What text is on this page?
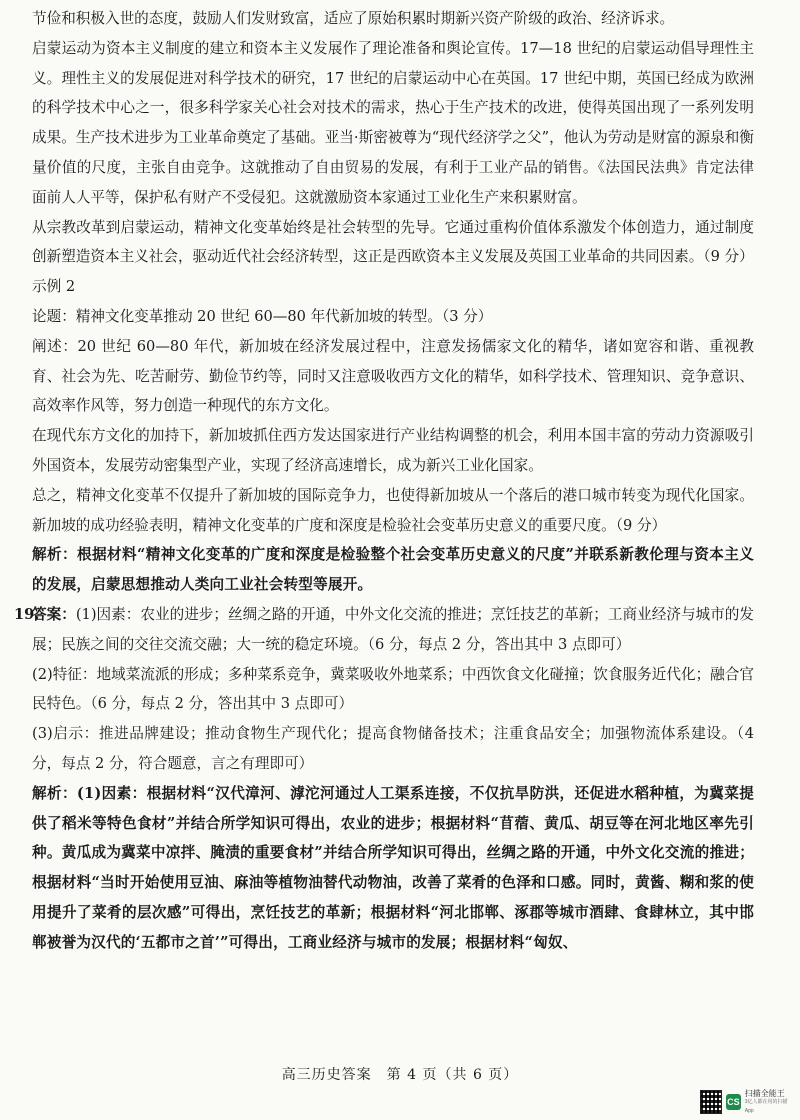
节俭和积极入世的态度，鼓励人们发财致富，适应了原始积累时期新兴资产阶级的政治、经济诉求。

启蒙运动为资本主义制度的建立和资本主义发展作了理论准备和舆论宣传。17—18 世纪的启蒙运动倡导理性主义。理性主义的发展促进对科学技术的研究，17 世纪的启蒙运动中心在英国。17 世纪中期，英国已经成为欧洲的科学技术中心之一，很多科学家关心社会对技术的需求，热心于生产技术的改进，使得英国出现了一系列发明成果。生产技术进步为工业革命奠定了基础。亚当·斯密被尊为“现代经济学之父”，他认为劳动是财富的源泉和衡量价值的尺度，主张自由竞争。这就推动了自由贸易的发展，有利于工业产品的销售。《法国民法典》肯定法律面前人人平等，保护私有财产不受侵犯。这就激励资本家通过工业化生产来积累财富。

从宗教改革到启蒙运动，精神文化变革始终是社会转型的先导。它通过重构价值体系激发个体创造力，通过制度创新塑造资本主义社会，驱动近代社会经济转型，这正是西欧资本主义发展及英国工业革命的共同因素。（9 分）

示例 2

论题：精神文化变革推动 20 世纪 60—80 年代新加坡的转型。（3 分）

阐述：20 世纪 60—80 年代，新加坡在经济发展过程中，注意发扬儒家文化的精华，诸如宽容和谐、重视教育、社会为先、吃苦耐劳、勤俭节约等，同时又注意吸收西方文化的精华，如科学技术、管理知识、竞争意识、高效率作风等，努力创造一种现代的东方文化。

在现代东方文化的加持下，新加坡抓住西方发达国家进行产业结构调整的机会，利用本国丰富的劳动力资源吸引外国资本，发展劳动密集型产业，实现了经济高速增长，成为新兴工业化国家。

总之，精神文化变革不仅提升了新加坡的国际竞争力，也使得新加坡从一个落后的港口城市转变为现代化国家。新加坡的成功经验表明，精神文化变革的广度和深度是检验社会变革历史意义的重要尺度。（9 分）

解析：根据材料“精神文化变革的广度和深度是检验整个社会变革历史意义的尺度”并联系新教伦理与资本主义的发展，启蒙思想推动人类向工业社会转型等展开。

19.
答案：(1)因素：农业的进步；丝绸之路的开通，中外文化交流的推进；烹饪技艺的革新；工商业经济与城市的发展；民族之间的交往交流交融；大一统的稳定环境。（6 分，每点 2 分，答出其中 3 点即可）

(2)特征：地域菜流派的形成；多种菜系竞争，冀菜吸收外地菜系；中西饮食文化碰撞；饮食服务近代化；融合官民特色。（6 分，每点 2 分，答出其中 3 点即可）

(3)启示：推进品牌建设；推动食物生产现代化；提高食物储备技术；注重食品安全；加强物流体系建设。（4 分，每点 2 分，符合题意，言之有理即可）

解析：(1)因素：根据材料“汉代漳河、滹沱河通过人工渠系连接，不仅抗旱防洪，还促进水稻种植，为冀菜提供了稻米等特色食材”并结合所学知识可得出，农业的进步；根据材料“苜蓿、黄瓜、胡豆等在河北地区率先引种。黄瓜成为冀菜中凉拌、腌渍的重要食材”并结合所学知识可得出，丝绸之路的开通，中外文化交流的推进；根据材料“当时开始使用豆油、麻油等植物油替代动物油，改善了菜肴的色泽和口感。同时，黄酱、糊和浆的使用提升了菜肴的层次感”可得出，烹饪技艺的革新；根据材料“河北邯郸、涿郡等城市酒肆、食肆林立，其中邯郸被誉为汉代的‘五都市之首’”可得出，工商业经济与城市的发展；根据材料“匈奴、

高三历史答案　第 4 页（共 6 页）
CS
扫描全能王
3亿人都在用的扫描App
